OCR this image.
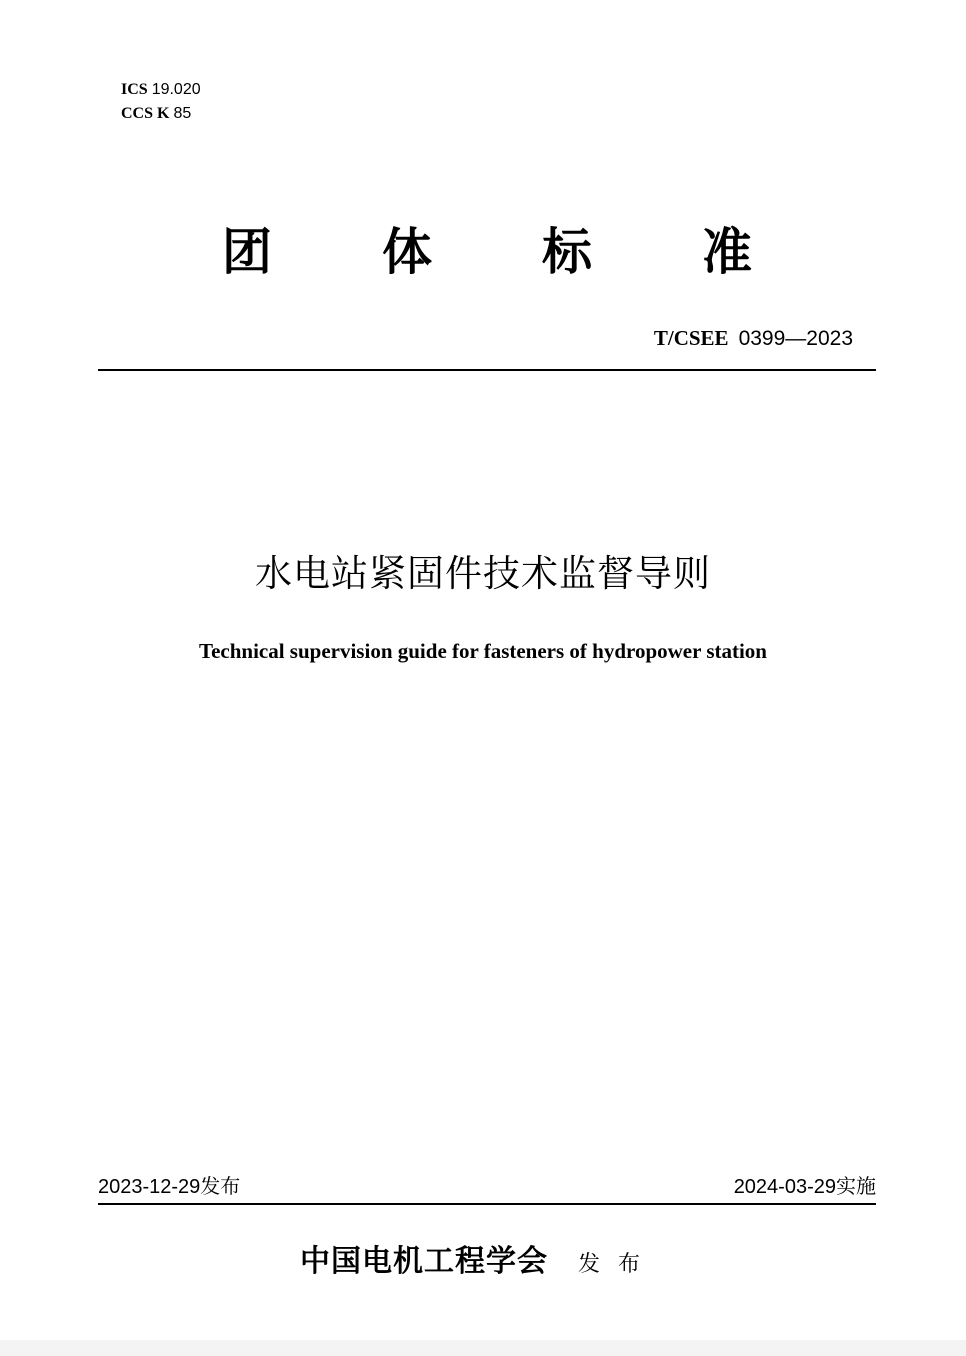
ICS 19.020
CCS K 85
团 体 标 准
T/CSEE 0399—2023
水电站紧固件技术监督导则
Technical supervision guide for fasteners of hydropower station
2023-12-29发布	2024-03-29实施
中国电机工程学会 发布
